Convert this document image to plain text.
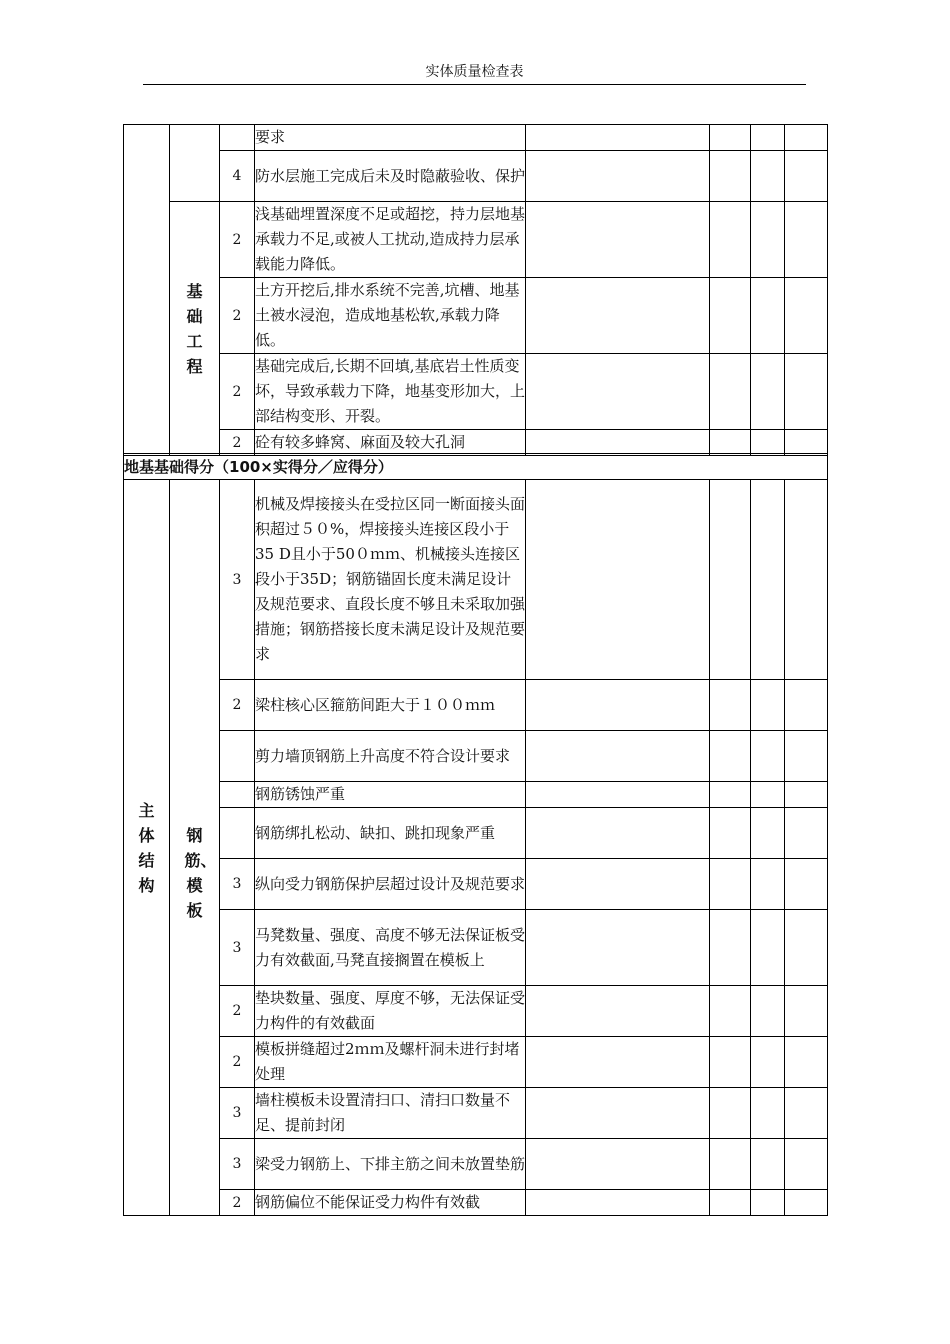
实体质量检查表
			要求				
		4	防水层施工完成后未及时隐蔽验收、保护				
	基础工程	2	浅基础埋置深度不足或超挖，持力层地基承载力不足,或被人工扰动,造成持力层承载能力降低。				
		2	土方开挖后,排水系统不完善,坑槽、地基土被水浸泡，造成地基松软,承载力降低。				
		2	基础完成后,长期不回填,基底岩土性质变坏，导致承载力下降，地基变形加大，上部结构变形、开裂。				
		2	砼有较多蜂窝、麻面及较大孔洞				
地基基础得分（100×实得分／应得分）							
主体结构	钢筋、模板	3	机械及焊接接头在受拉区同一断面接头面积超过５０%，焊接接头连接区段小于35 D且小于50０ｍｍ、机械接头连接区段小于35D；钢筋锚固长度未满足设计及规范要求、直段长度不够且未采取加强措施；钢筋搭接长度未满足设计及规范要求				
		2	梁柱核心区箍筋间距大于１００ｍｍ				
			剪力墙顶钢筋上升高度不符合设计要求				
			钢筋锈蚀严重				
			钢筋绑扎松动、缺扣、跳扣现象严重				
		3	纵向受力钢筋保护层超过设计及规范要求				
		3	马凳数量、强度、高度不够无法保证板受力有效截面,马凳直接搁置在模板上				
		2	垫块数量、强度、厚度不够，无法保证受力构件的有效截面				
		2	模板拼缝超过2ｍｍ及螺杆洞未进行封堵处理				
		3	墙柱模板未设置清扫口、清扫口数量不足、提前封闭				
		3	梁受力钢筋上、下排主筋之间未放置垫筋				
		2	钢筋偏位不能保证受力构件有效截				
